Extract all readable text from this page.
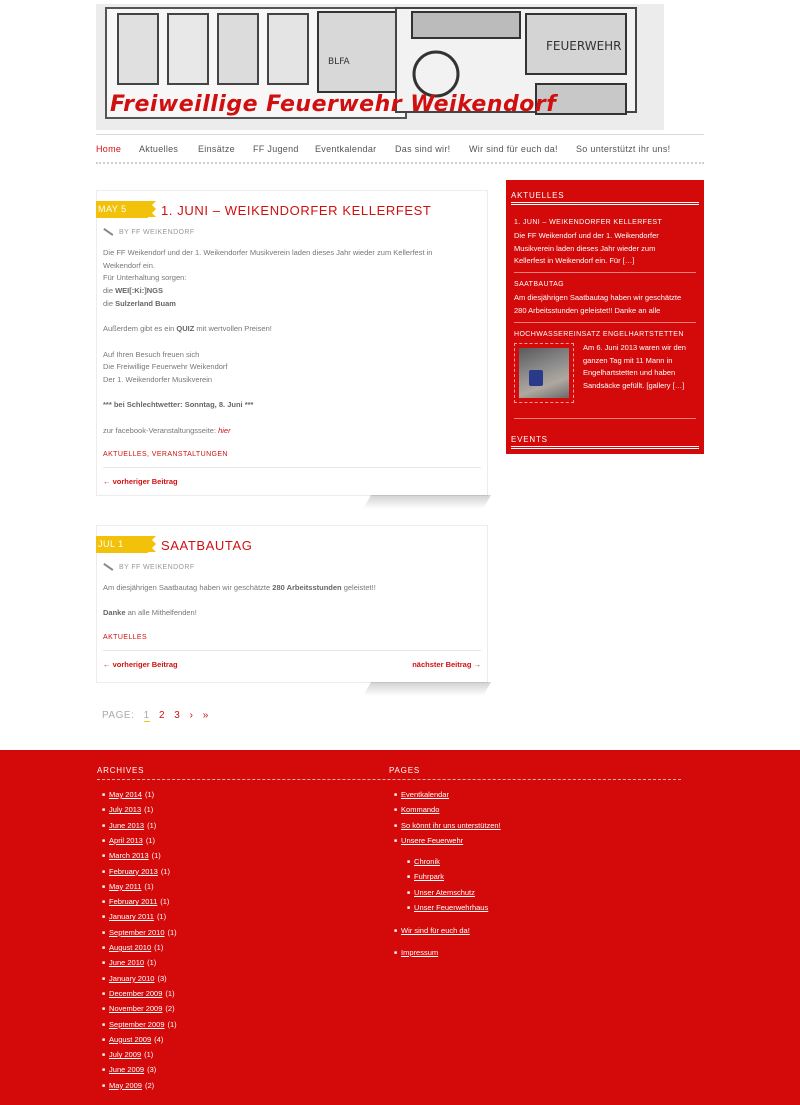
FEUERWEHR
BLFA
Freiweillige Feuerwehr Weikendorf
Home Aktuelles Einsätze FF Jugend Eventkalendar Das sind wir! Wir sind für euch da! So unterstützt ihr uns!
MAY 5	1. JUNI – WEIKENDORFER KELLERFEST
BY FF WEIKENDORF
Die FF Weikendorf und der 1. Weikendorfer Musikverein laden dieses Jahr wieder zum Kellerfest in
Weikendorf ein.
Für Unterhaltung sorgen:
die WEI[:Ki:]NGS
die Sulzerland Buam
Außerdem gibt es ein QUIZ mit wertvollen Preisen!
Auf Ihren Besuch freuen sich
Die Freiwillige Feuerwehr Weikendorf
Der 1. Weikendorfer Musikverein
*** bei Schlechtwetter: Sonntag, 8. Juni ***
zur facebook-Veranstaltungsseite: hier
AKTUELLES, VERANSTALTUNGEN
← vorheriger Beitrag
JUL 1	SAATBAUTAG
BY FF WEIKENDORF
Am diesjährigen Saatbautag haben wir geschätzte 280 Arbeitsstunden geleistet!!
Danke an alle Mithelfenden!
AKTUELLES
← vorheriger Beitrag	nächster Beitrag →
PAGE: 1 2 3 › »
AKTUELLES
1. JUNI – WEIKENDORFER KELLERFEST
Die FF Weikendorf und der 1. Weikendorfer
Musikverein laden dieses Jahr wieder zum
Kellerfest in Weikendorf ein. Für […]
SAATBAUTAG
Am diesjährigen Saatbautag haben wir geschätzte
280 Arbeitsstunden geleistet!! Danke an alle
HOCHWASSEREINSATZ ENGELHARTSTETTEN
Am 6. Juni 2013 waren wir den
ganzen Tag mit 11 Mann in
Engelhartstetten und haben
Sandsäcke gefüllt. [gallery […]
EVENTS
ARCHIVES	PAGES
■ May 2014 (1)
■ July 2013 (1)
■ June 2013 (1)
■ April 2013 (1)
■ March 2013 (1)
■ February 2013 (1)
■ May 2011 (1)
■ February 2011 (1)
■ January 2011 (1)
■ September 2010 (1)
■ August 2010 (1)
■ June 2010 (1)
■ January 2010 (3)
■ December 2009 (1)
■ November 2009 (2)
■ September 2009 (1)
■ August 2009 (4)
■ July 2009 (1)
■ June 2009 (3)
■ May 2009 (2)
■ Eventkalendar
■ Kommando
■ So könnt ihr uns unterstützen!
■ Unsere Feuerwehr
■ Chronik
■ Fuhrpark
■ Unser Atemschutz
■ Unser Feuerwehrhaus
■ Wir sind für euch da!
■ Impressum
